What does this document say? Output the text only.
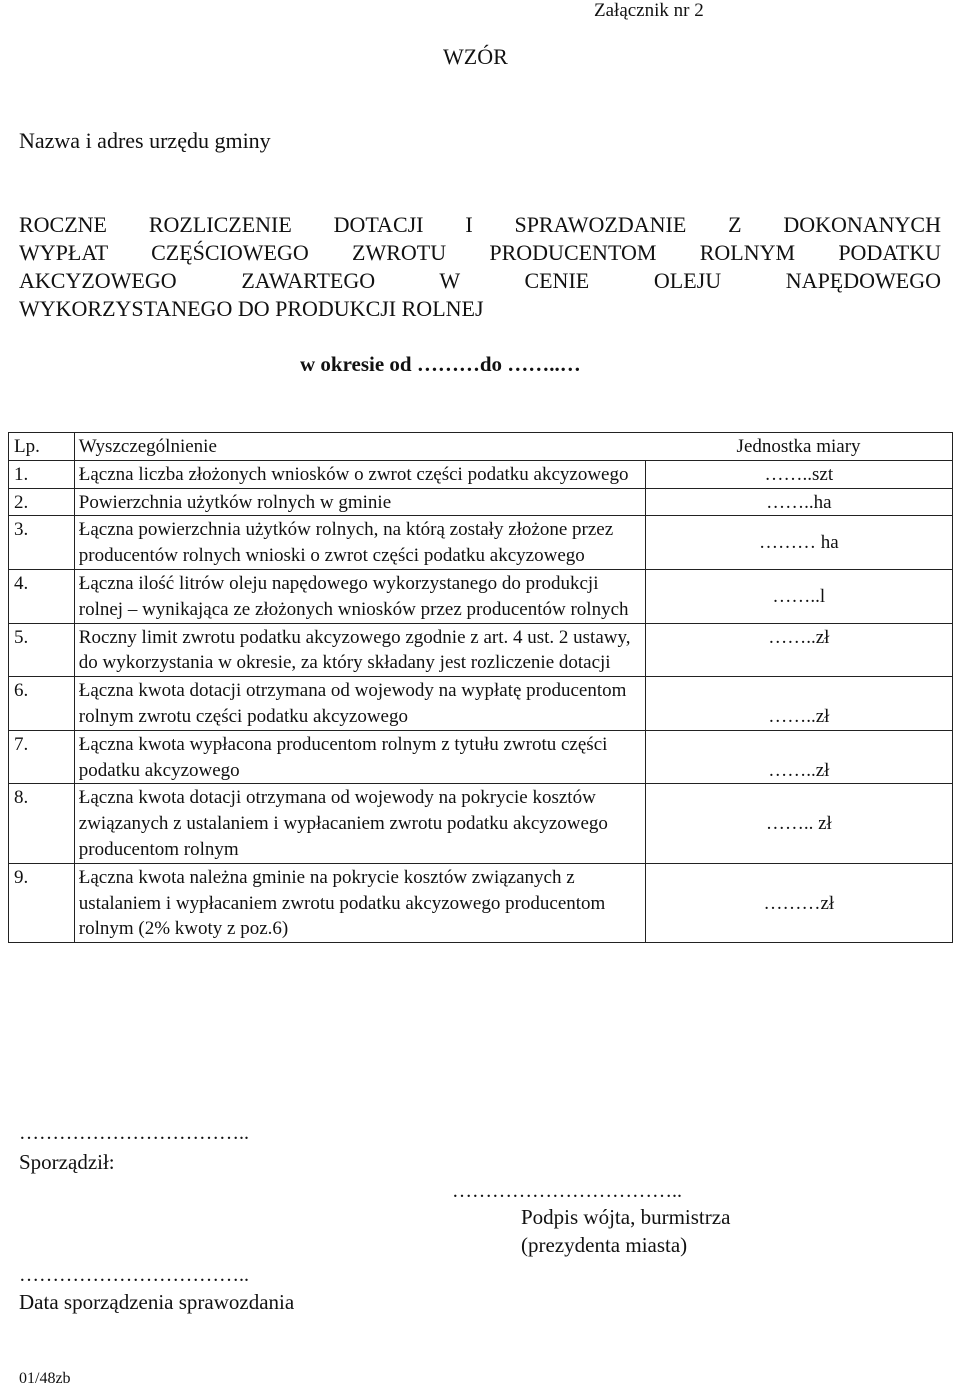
Załącznik nr 2
WZÓR
Nazwa i adres urzędu gminy
ROCZNE ROZLICZENIE DOTACJI I SPRAWOZDANIE Z DOKONANYCH
WYPŁAT CZĘŚCIOWEGO ZWROTU PRODUCENTOM ROLNYM PODATKU
AKCYZOWEGO ZAWARTEGO W CENIE OLEJU NAPĘDOWEGO
WYKORZYSTANEGO DO PRODUKCJI ROLNEJ
w okresie od ………do ……..…
Lp.	Wyszczególnienie	Jednostka miary
1.	Łączna liczba złożonych wniosków o zwrot części podatku akcyzowego	……..szt
2.	Powierzchnia użytków rolnych w gminie	……..ha
3.	Łączna powierzchnia użytków rolnych, na którą zostały złożone przez producentów rolnych wnioski o zwrot części podatku akcyzowego	……… ha
4.	Łączna ilość litrów oleju napędowego wykorzystanego do produkcji rolnej – wynikająca ze złożonych wniosków przez producentów rolnych	……..l
5.	Roczny limit zwrotu podatku akcyzowego zgodnie z art. 4 ust. 2 ustawy, do wykorzystania w okresie, za który składany jest rozliczenie dotacji	……..zł
6.	Łączna kwota dotacji otrzymana od wojewody na wypłatę producentom rolnym zwrotu części podatku akcyzowego	……..zł
7.	Łączna kwota wypłacona producentom rolnym z tytułu zwrotu części podatku akcyzowego	……..zł
8.	Łączna kwota dotacji otrzymana od wojewody na pokrycie kosztów związanych z ustalaniem i wypłacaniem zwrotu podatku akcyzowego producentom rolnym	…….. zł
9.	Łączna kwota należna gminie na pokrycie kosztów związanych z ustalaniem i wypłacaniem zwrotu podatku akcyzowego producentom rolnym (2% kwoty z poz.6)	………zł
……………………………..
Sporządził:
……………………………..
Podpis wójta, burmistrza
(prezydenta miasta)
……………………………..
Data sporządzenia sprawozdania
01/48zb
